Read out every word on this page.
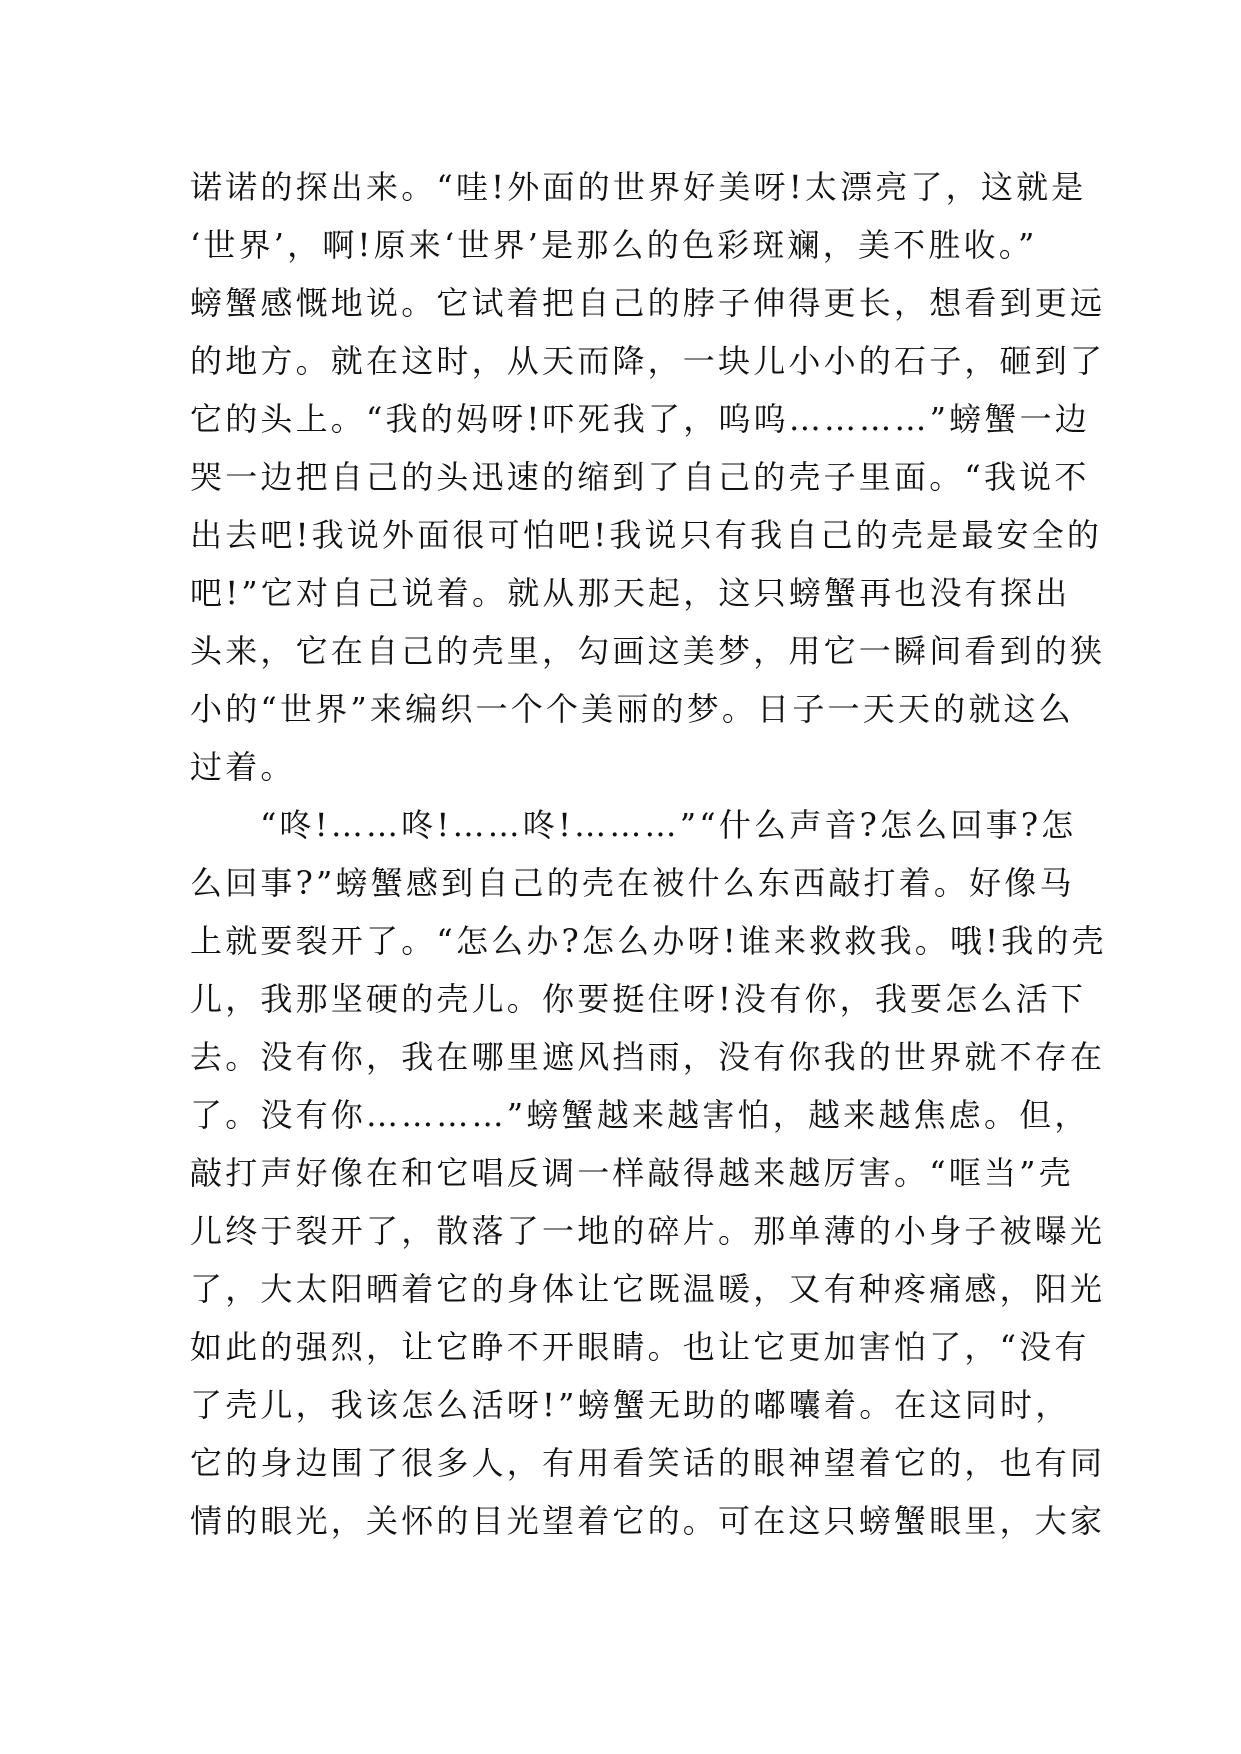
诺诺的探出来。“哇!外面的世界好美呀!太漂亮了，这就是
‘世界’，啊!原来‘世界’是那么的色彩斑斓，美不胜收。”
螃蟹感慨地说。它试着把自己的脖子伸得更长，想看到更远
的地方。就在这时，从天而降，一块儿小小的石子，砸到了
它的头上。“我的妈呀!吓死我了，呜呜…………”螃蟹一边
哭一边把自己的头迅速的缩到了自己的壳子里面。“我说不
出去吧!我说外面很可怕吧!我说只有我自己的壳是最安全的
吧!”它对自己说着。就从那天起，这只螃蟹再也没有探出
头来，它在自己的壳里，勾画这美梦，用它一瞬间看到的狭
小的“世界”来编织一个个美丽的梦。日子一天天的就这么
过着。
“咚!……咚!……咚!………”“什么声音?怎么回事?怎
么回事?”螃蟹感到自己的壳在被什么东西敲打着。好像马
上就要裂开了。“怎么办?怎么办呀!谁来救救我。哦!我的壳
儿，我那坚硬的壳儿。你要挺住呀!没有你，我要怎么活下
去。没有你，我在哪里遮风挡雨，没有你我的世界就不存在
了。没有你…………”螃蟹越来越害怕，越来越焦虑。但，
敲打声好像在和它唱反调一样敲得越来越厉害。“哐当”壳
儿终于裂开了，散落了一地的碎片。那单薄的小身子被曝光
了，大太阳晒着它的身体让它既温暖，又有种疼痛感，阳光
如此的强烈，让它睁不开眼睛。也让它更加害怕了，“没有
了壳儿，我该怎么活呀!”螃蟹无助的嘟囔着。在这同时，
它的身边围了很多人，有用看笑话的眼神望着它的，也有同
情的眼光，关怀的目光望着它的。可在这只螃蟹眼里，大家
